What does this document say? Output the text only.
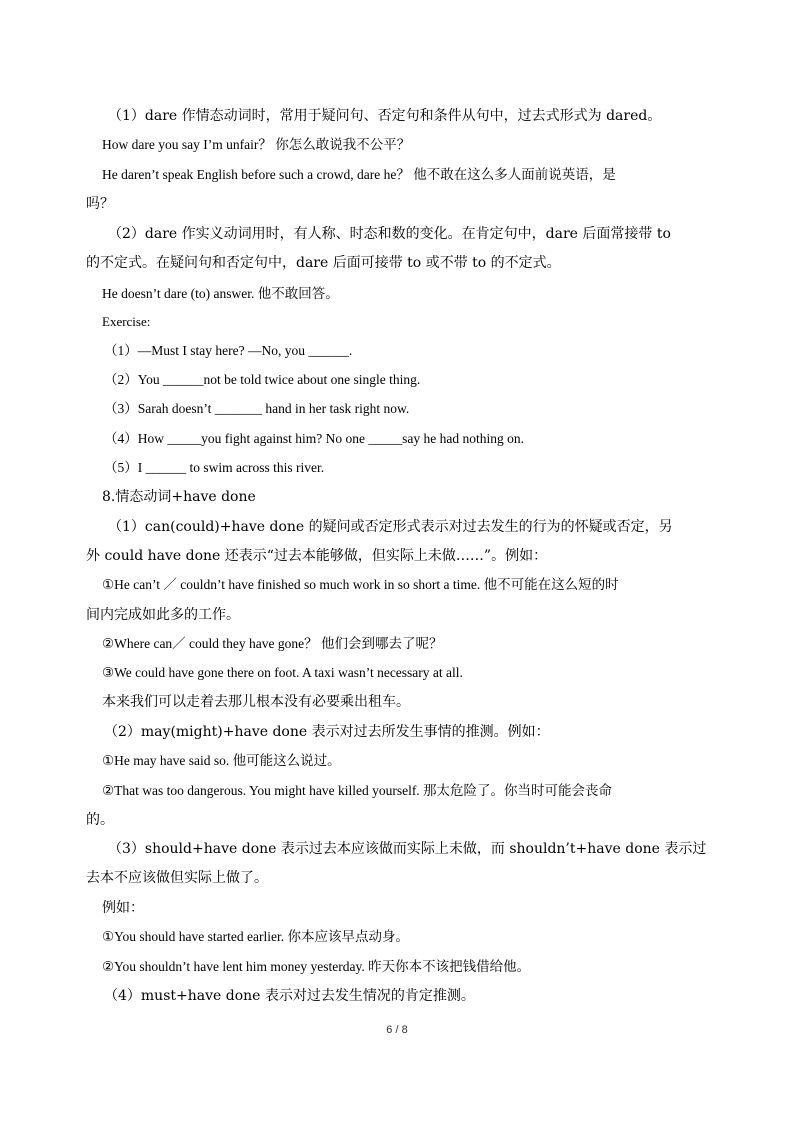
（1）dare 作情态动词时，常用于疑问句、否定句和条件从句中，过去式形式为 dared。
How dare you say I’m unfair？ 你怎么敢说我不公平？
He daren’t speak English before such a crowd, dare he？ 他不敢在这么多人面前说英语，是
吗？
（2）dare 作实义动词用时，有人称、时态和数的变化。在肯定句中，dare 后面常接带 to
的不定式。在疑问句和否定句中，dare 后面可接带 to 或不带 to 的不定式。
He doesn’t dare (to) answer. 他不敢回答。
Exercise:
（1）—Must I stay here? —No, you ______.
（2）You ______not be told twice about one single thing.
（3）Sarah doesn’t _______ hand in her task right now.
（4）How _____you fight against him? No one _____say he had nothing on.
（5）I ______ to swim across this river.
8.情态动词+have done
（1）can(could)+have done 的疑问或否定形式表示对过去发生的行为的怀疑或否定，另
外 could have done 还表示“过去本能够做，但实际上未做……”。例如：
①He can’t ／ couldn’t have finished so much work in so short a time. 他不可能在这么短的时
间内完成如此多的工作。
②Where can／ could they have gone？ 他们会到哪去了呢？
③We could have gone there on foot. A taxi wasn’t necessary at all.
本来我们可以走着去那儿根本没有必要乘出租车。
（2）may(might)+have done 表示对过去所发生事情的推测。例如：
①He may have said so. 他可能这么说过。
②That was too dangerous. You might have killed yourself. 那太危险了。你当时可能会丧命
的。
（3）should+have done 表示过去本应该做而实际上未做，而 shouldn’t+have done 表示过
去本不应该做但实际上做了。
例如：
①You should have started earlier. 你本应该早点动身。
②You shouldn’t have lent him money yesterday. 昨天你本不该把钱借给他。
（4）must+have done 表示对过去发生情况的肯定推测。
6 / 8
